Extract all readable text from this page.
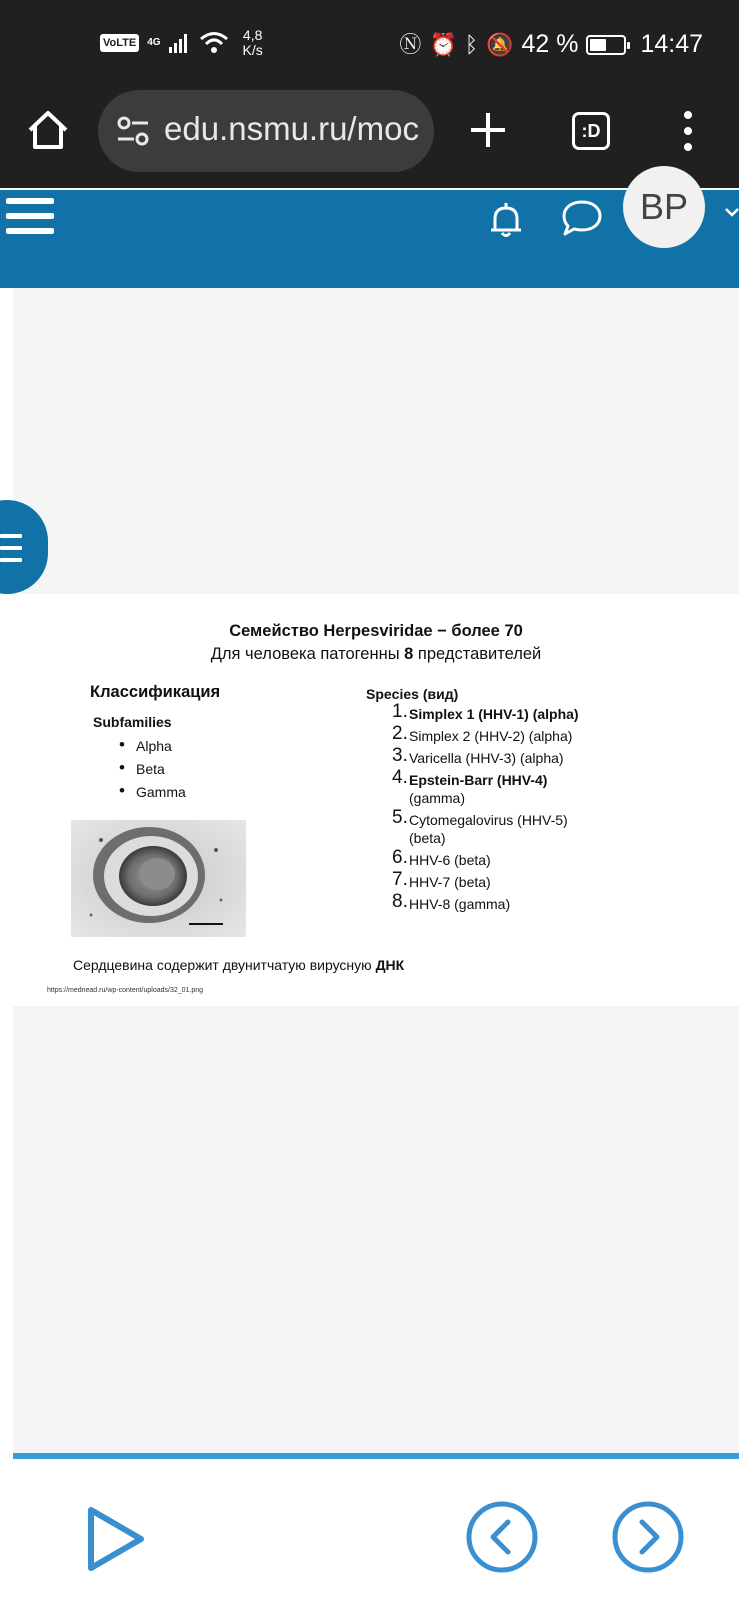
VoLTE	4G	4,8
K/s	Ⓝ ⏰ ᛒ 🔕 42 % 14:47
edu.nsmu.ru/moc	:D
BP
Семейство Herpesviridae − более 70
Для человека патогенны 8 представителей
Классификация
Subfamilies
• Alpha
• Beta
• Gamma
Species (вид)
1. Simplex 1 (HHV-1) (alpha)
2. Simplex 2 (HHV-2) (alpha)
3. Varicella (HHV-3) (alpha)
4. Epstein-Barr (HHV-4)
(gamma)
5. Cytomegalovirus (HHV-5)
(beta)
6. HHV-6 (beta)
7. HHV-7 (beta)
8. HHV-8 (gamma)
Сердцевина содержит двунитчатую вирусную ДНК
https://mednead.ru/wp-content/uploads/32_01.png
